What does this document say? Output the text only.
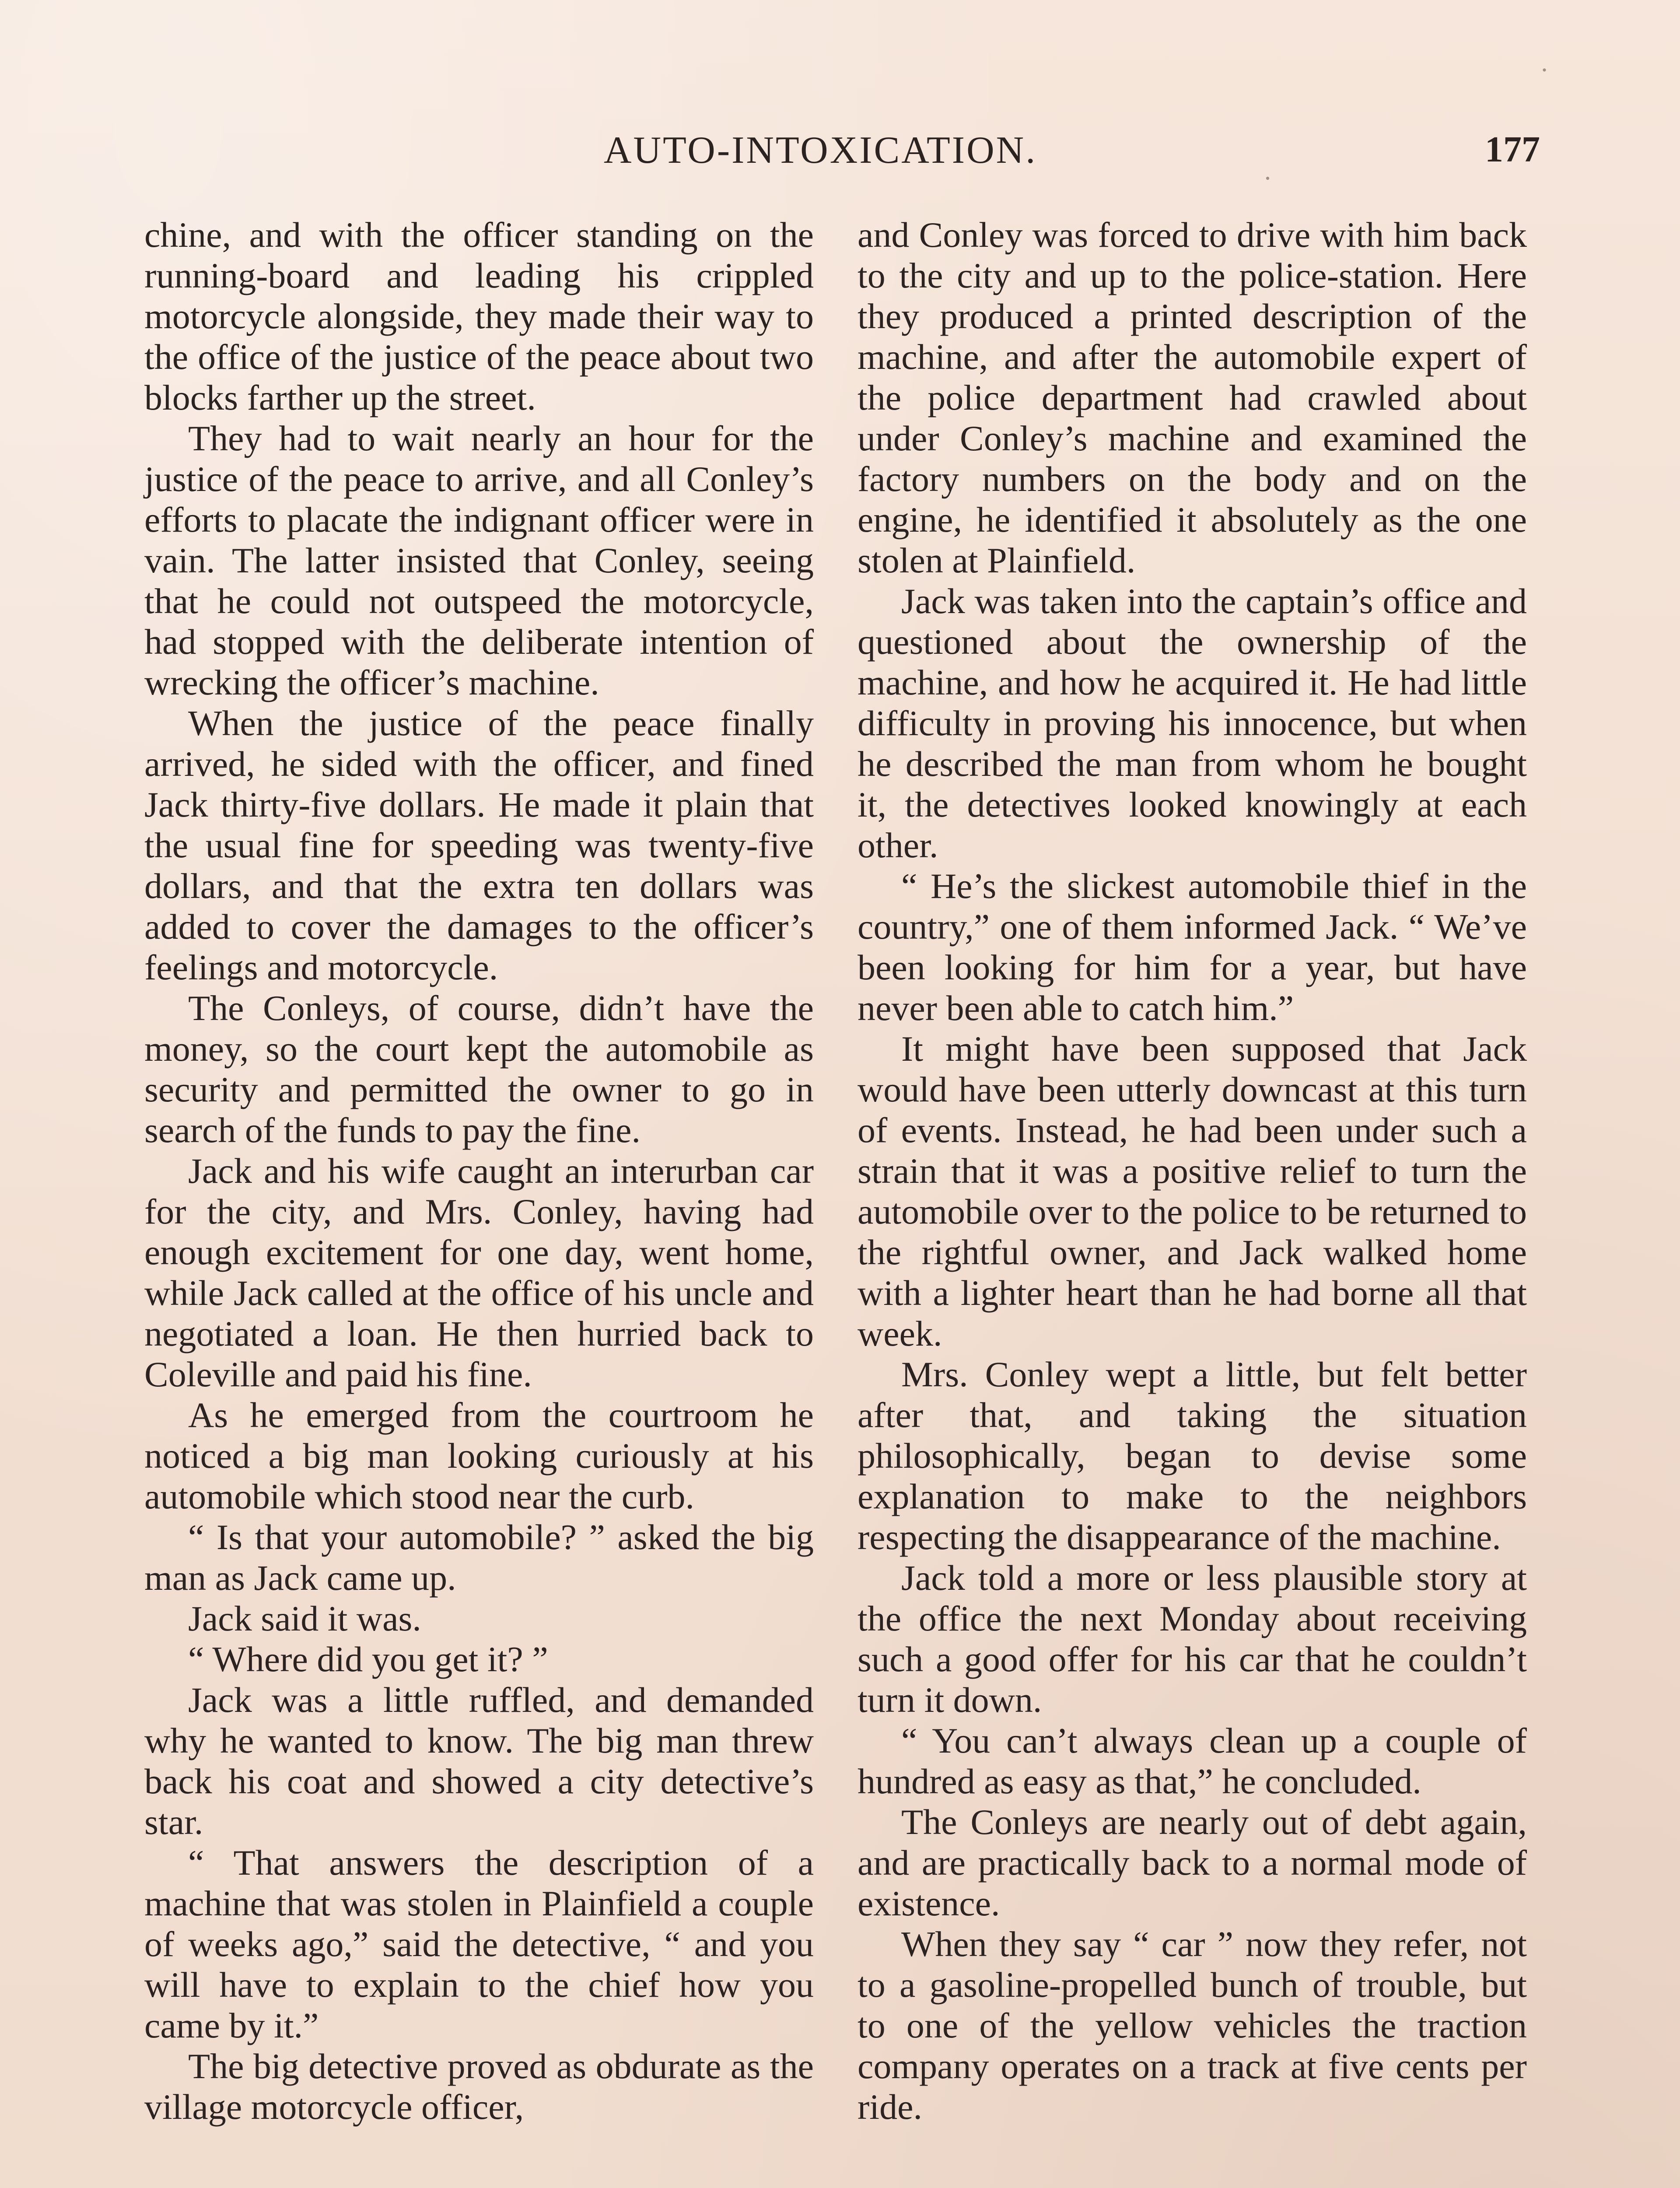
AUTO-INTOXICATION.	177

chine, and with the officer standing on the running-board and leading his crippled motorcycle alongside, they made their way to the office of the justice of the peace about two blocks farther up the street.

They had to wait nearly an hour for the justice of the peace to arrive, and all Conley’s efforts to placate the indignant officer were in vain. The latter insisted that Conley, seeing that he could not outspeed the motorcycle, had stopped with the deliberate intention of wrecking the officer’s machine.

When the justice of the peace finally arrived, he sided with the officer, and fined Jack thirty-five dollars. He made it plain that the usual fine for speeding was twenty-five dollars, and that the extra ten dollars was added to cover the damages to the officer’s feelings and motorcycle.

The Conleys, of course, didn’t have the money, so the court kept the automobile as security and permitted the owner to go in search of the funds to pay the fine.

Jack and his wife caught an interurban car for the city, and Mrs. Conley, having had enough excitement for one day, went home, while Jack called at the office of his uncle and negotiated a loan. He then hurried back to Coleville and paid his fine.

As he emerged from the courtroom he noticed a big man looking curiously at his automobile which stood near the curb.

“ Is that your automobile? ” asked the big man as Jack came up.

Jack said it was.

“ Where did you get it? ”

Jack was a little ruffled, and demanded why he wanted to know. The big man threw back his coat and showed a city detective’s star.

“ That answers the description of a machine that was stolen in Plainfield a couple of weeks ago,” said the detective, “ and you will have to explain to the chief how you came by it.”

The big detective proved as obdurate as the village motorcycle officer,

and Conley was forced to drive with him back to the city and up to the police-station. Here they produced a printed description of the machine, and after the automobile expert of the police department had crawled about under Conley’s machine and examined the factory numbers on the body and on the engine, he identified it absolutely as the one stolen at Plainfield.

Jack was taken into the captain’s office and questioned about the ownership of the machine, and how he acquired it. He had little difficulty in proving his innocence, but when he described the man from whom he bought it, the detectives looked knowingly at each other.

“ He’s the slickest automobile thief in the country,” one of them informed Jack. “ We’ve been looking for him for a year, but have never been able to catch him.”

It might have been supposed that Jack would have been utterly downcast at this turn of events. Instead, he had been under such a strain that it was a positive relief to turn the automobile over to the police to be returned to the rightful owner, and Jack walked home with a lighter heart than he had borne all that week.

Mrs. Conley wept a little, but felt better after that, and taking the situation philosophically, began to devise some explanation to make to the neighbors respecting the disappearance of the machine.

Jack told a more or less plausible story at the office the next Monday about receiving such a good offer for his car that he couldn’t turn it down.

“ You can’t always clean up a couple of hundred as easy as that,” he concluded.

The Conleys are nearly out of debt again, and are practically back to a normal mode of existence.

When they say “ car ” now they refer, not to a gasoline-propelled bunch of trouble, but to one of the yellow vehicles the traction company operates on a track at five cents per ride.

·
.
